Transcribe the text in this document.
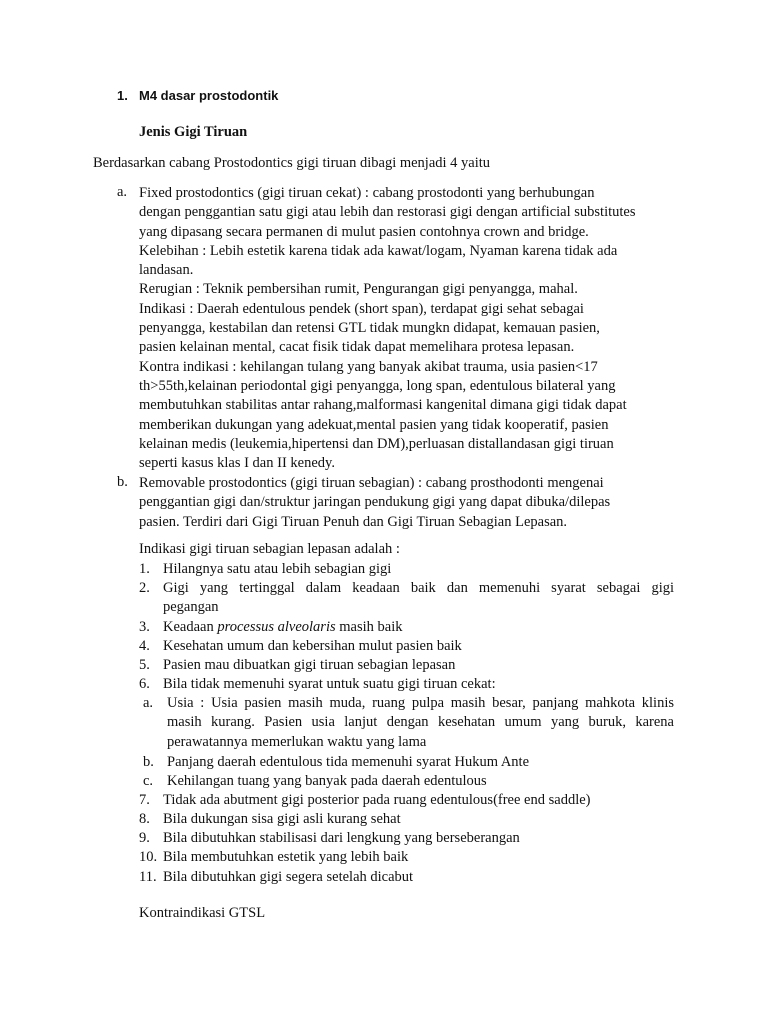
1. M4 dasar prostodontik
Jenis Gigi Tiruan
Berdasarkan cabang Prostodontics gigi tiruan dibagi menjadi 4 yaitu
a. Fixed prostodontics (gigi tiruan cekat) : cabang prostodonti yang berhubungan
dengan penggantian satu gigi atau lebih dan restorasi gigi dengan artificial substitutes
yang dipasang secara permanen di mulut pasien contohnya crown and bridge.
Kelebihan : Lebih estetik karena tidak ada kawat/logam, Nyaman karena tidak ada
landasan.
Rerugian : Teknik pembersihan rumit, Pengurangan gigi penyangga, mahal.
Indikasi : Daerah edentulous pendek (short span), terdapat gigi sehat sebagai
penyangga, kestabilan dan retensi GTL tidak mungkn didapat, kemauan pasien,
pasien kelainan mental, cacat fisik tidak dapat memelihara protesa lepasan.
Kontra indikasi : kehilangan tulang yang banyak akibat trauma, usia pasien<17
th>55th,kelainan periodontal gigi penyangga, long span, edentulous bilateral yang
membutuhkan stabilitas antar rahang,malformasi kangenital dimana gigi tidak dapat
memberikan dukungan yang adekuat,mental pasien yang tidak kooperatif, pasien
kelainan medis (leukemia,hipertensi dan DM),perluasan distallandasan gigi tiruan
seperti kasus klas I dan II kenedy.
b. Removable prostodontics (gigi tiruan sebagian) : cabang prosthodonti mengenai
penggantian gigi dan/struktur jaringan pendukung gigi yang dapat dibuka/dilepas
pasien. Terdiri dari Gigi Tiruan Penuh dan Gigi Tiruan Sebagian Lepasan.
Indikasi gigi tiruan sebagian lepasan adalah :
1. Hilangnya satu atau lebih sebagian gigi
2. Gigi yang tertinggal dalam keadaan baik dan memenuhi syarat sebagai gigi
pegangan
3. Keadaan processus alveolaris masih baik
4. Kesehatan umum dan kebersihan mulut pasien baik
5. Pasien mau dibuatkan gigi tiruan sebagian lepasan
6. Bila tidak memenuhi syarat untuk suatu gigi tiruan cekat:
a. Usia : Usia pasien masih muda, ruang pulpa masih besar, panjang mahkota klinis
masih kurang. Pasien usia lanjut dengan kesehatan umum yang buruk, karena
perawatannya memerlukan waktu yang lama
b. Panjang daerah edentulous tida memenuhi syarat Hukum Ante
c. Kehilangan tuang yang banyak pada daerah edentulous
7. Tidak ada abutment gigi posterior pada ruang edentulous(free end saddle)
8. Bila dukungan sisa gigi asli kurang sehat
9. Bila dibutuhkan stabilisasi dari lengkung yang berseberangan
10. Bila membutuhkan estetik yang lebih baik
11. Bila dibutuhkan gigi segera setelah dicabut
Kontraindikasi GTSL
